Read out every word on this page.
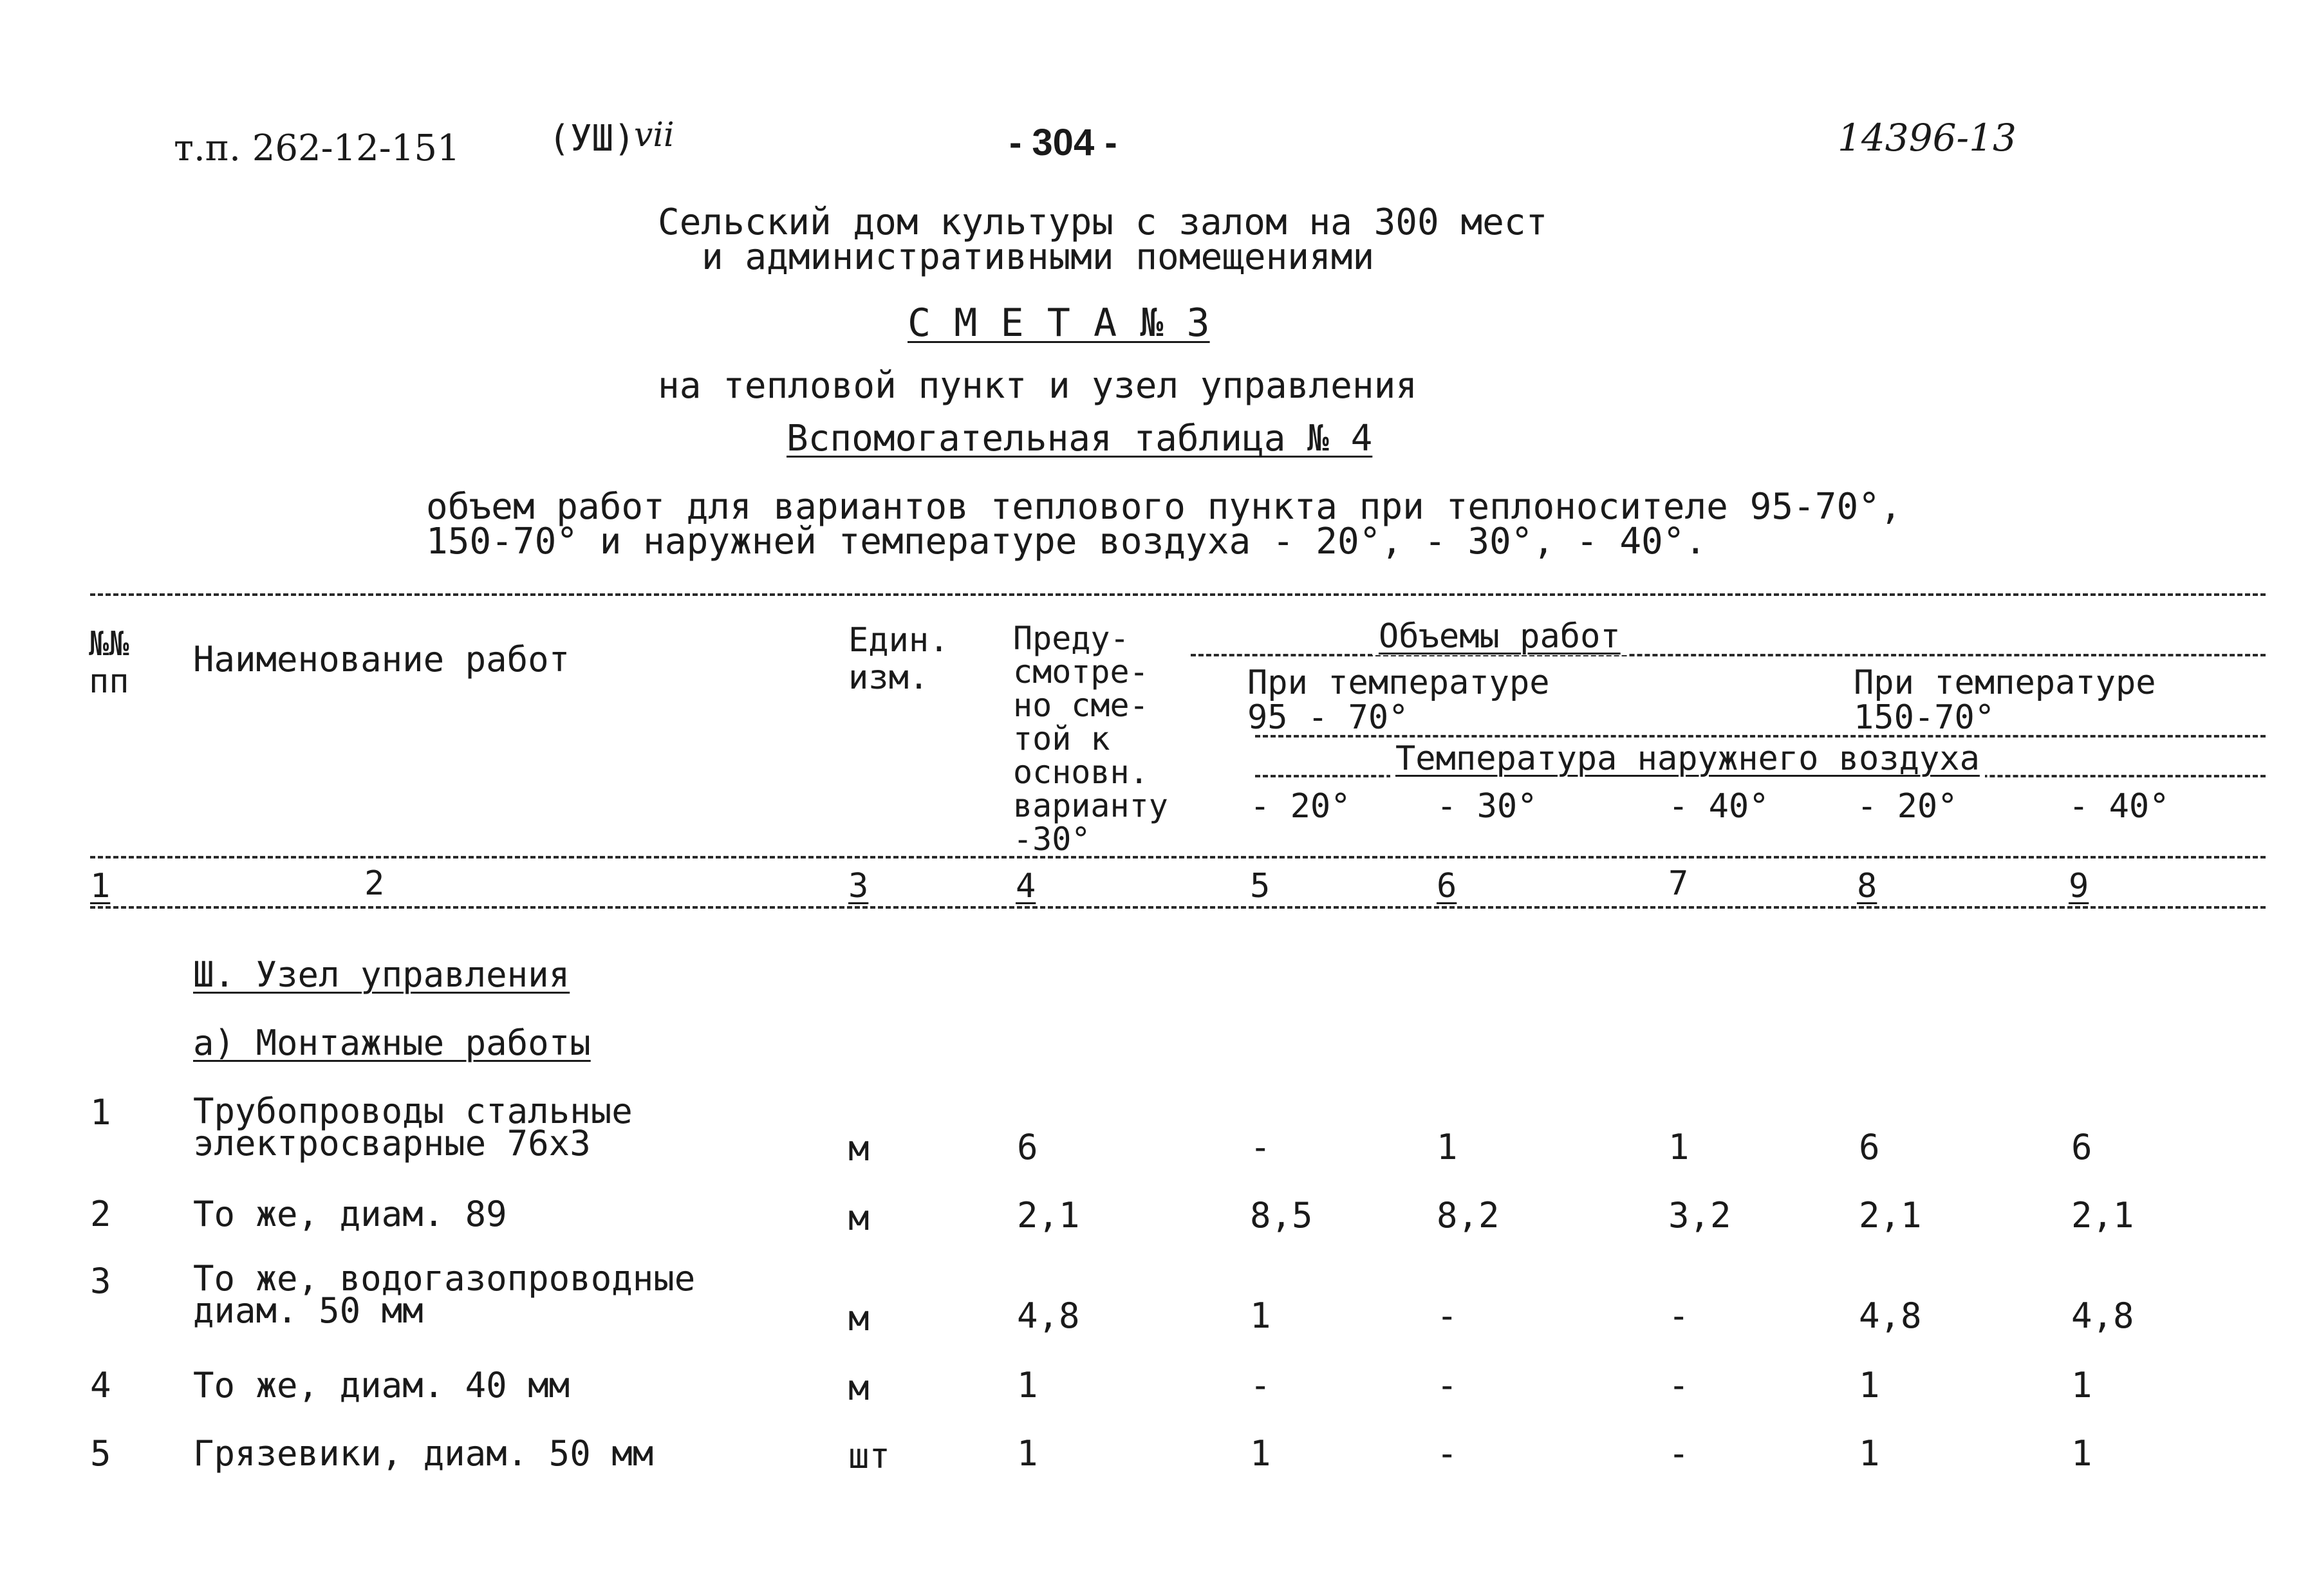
т.п. 262-12-151 (УШ)
vii	- 304 -	14396-13
Сельский дом культуры с залом на 300 мест
и административными помещениями
С М Е Т А № 3
на тепловой пункт и узел управления
Вспомогательная таблица № 4
объем работ для вариантов теплового пункта при теплоносителе 95-70°,
150-70° и наружней температуре воздуха - 20°, - 30°, - 40°.
№№
пп
Наименование работ	Един.
изм.
Преду-
смотре-
но сме-
той к
основн.
варианту
-30°
Объемы работ
При температуре
95 - 70°
При температуре
150-70°
Температура наружнего воздуха
- 20°	- 30°	- 40°	- 20°	- 40°
1	2	3	4	5	6	7	8	9
Ш. Узел управления
а) Монтажные работы
1 Трубопроводы стальные
электросварные 76х3	м	6	-	1	1	6	6
2 То же, диам. 89	м	2,1	8,5	8,2	3,2	2,1	2,1
3 То же, водогазопроводные
диам. 50 мм	м	4,8	1	-	-	4,8	4,8
4 То же, диам. 40 мм	м	1	-	-	-	1	1
5 Грязевики, диам. 50 мм	шт	1	1	-	-	1	1
